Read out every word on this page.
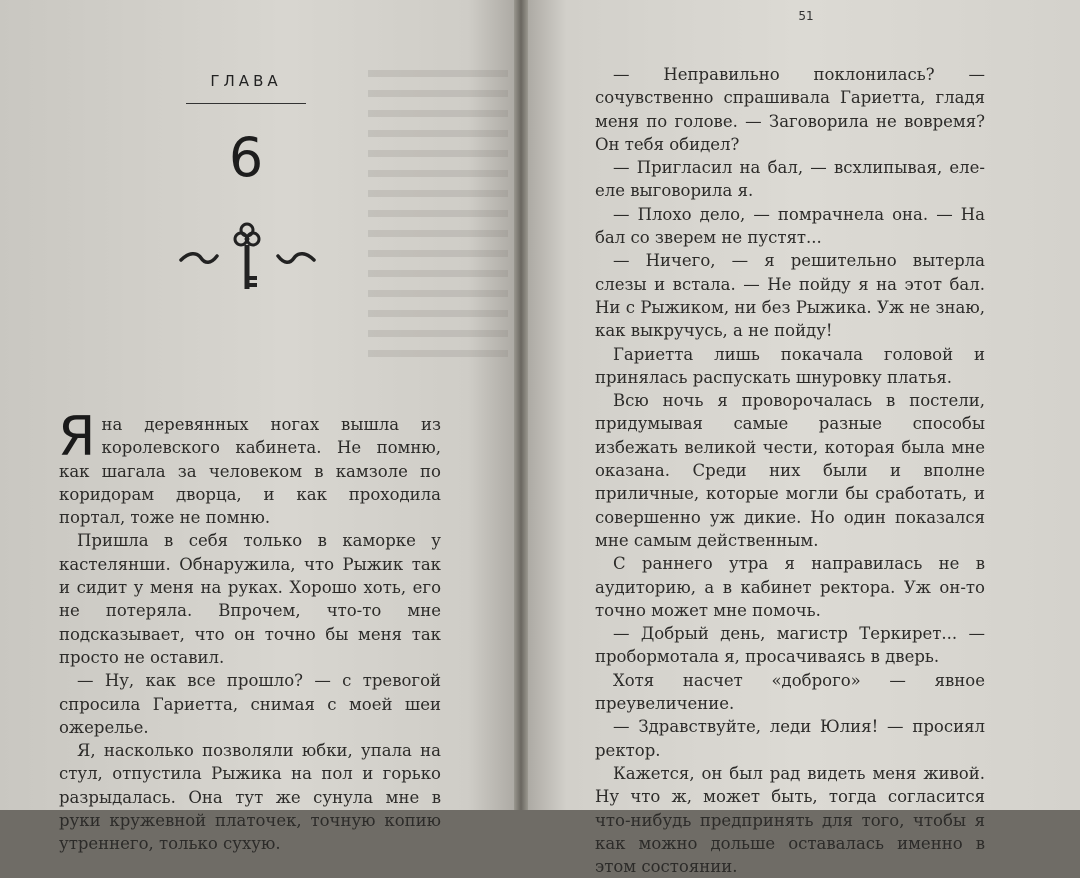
ГЛАВА
6

Я на деревянных ногах вышла из королевского кабинета. Не помню, как шагала за человеком в камзоле по коридорам дворца, и как проходила портал, тоже не помню.

Пришла в себя только в каморке у кастелянши. Обнаружила, что Рыжик так и сидит у меня на руках. Хорошо хоть, его не потеряла. Впрочем, что-то мне подсказывает, что он точно бы меня так просто не оставил.

— Ну, как все прошло? — с тревогой спросила Гариетта, снимая с моей шеи ожерелье.

Я, насколько позволяли юбки, упала на стул, отпустила Рыжика на пол и горько разрыдалась. Она тут же сунула мне в руки кружевной платочек, точную копию утреннего, только сухую.

51

— Неправильно поклонилась? — сочувственно спрашивала Гариетта, гладя меня по голове. — Заговорила не вовремя? Он тебя обидел?

— Пригласил на бал, — всхлипывая, еле-еле выговорила я.

— Плохо дело, — помрачнела она. — На бал со зверем не пустят...

— Ничего, — я решительно вытерла слезы и встала. — Не пойду я на этот бал. Ни с Рыжиком, ни без Рыжика. Уж не знаю, как выкручусь, а не пойду!

Гариетта лишь покачала головой и принялась распускать шнуровку платья.

Всю ночь я проворочалась в постели, придумывая самые разные способы избежать великой чести, которая была мне оказана. Среди них были и вполне приличные, которые могли бы сработать, и совершенно уж дикие. Но один показался мне самым действенным.

С раннего утра я направилась не в аудиторию, а в кабинет ректора. Уж он-то точно может мне помочь.

— Добрый день, магистр Теркирет... — пробормотала я, просачиваясь в дверь.

Хотя насчет «доброго» — явное преувеличение.

— Здравствуйте, леди Юлия! — просиял ректор.

Кажется, он был рад видеть меня живой. Ну что ж, может быть, тогда согласится что-нибудь предпринять для того, чтобы я как можно дольше оставалась именно в этом состоянии.
